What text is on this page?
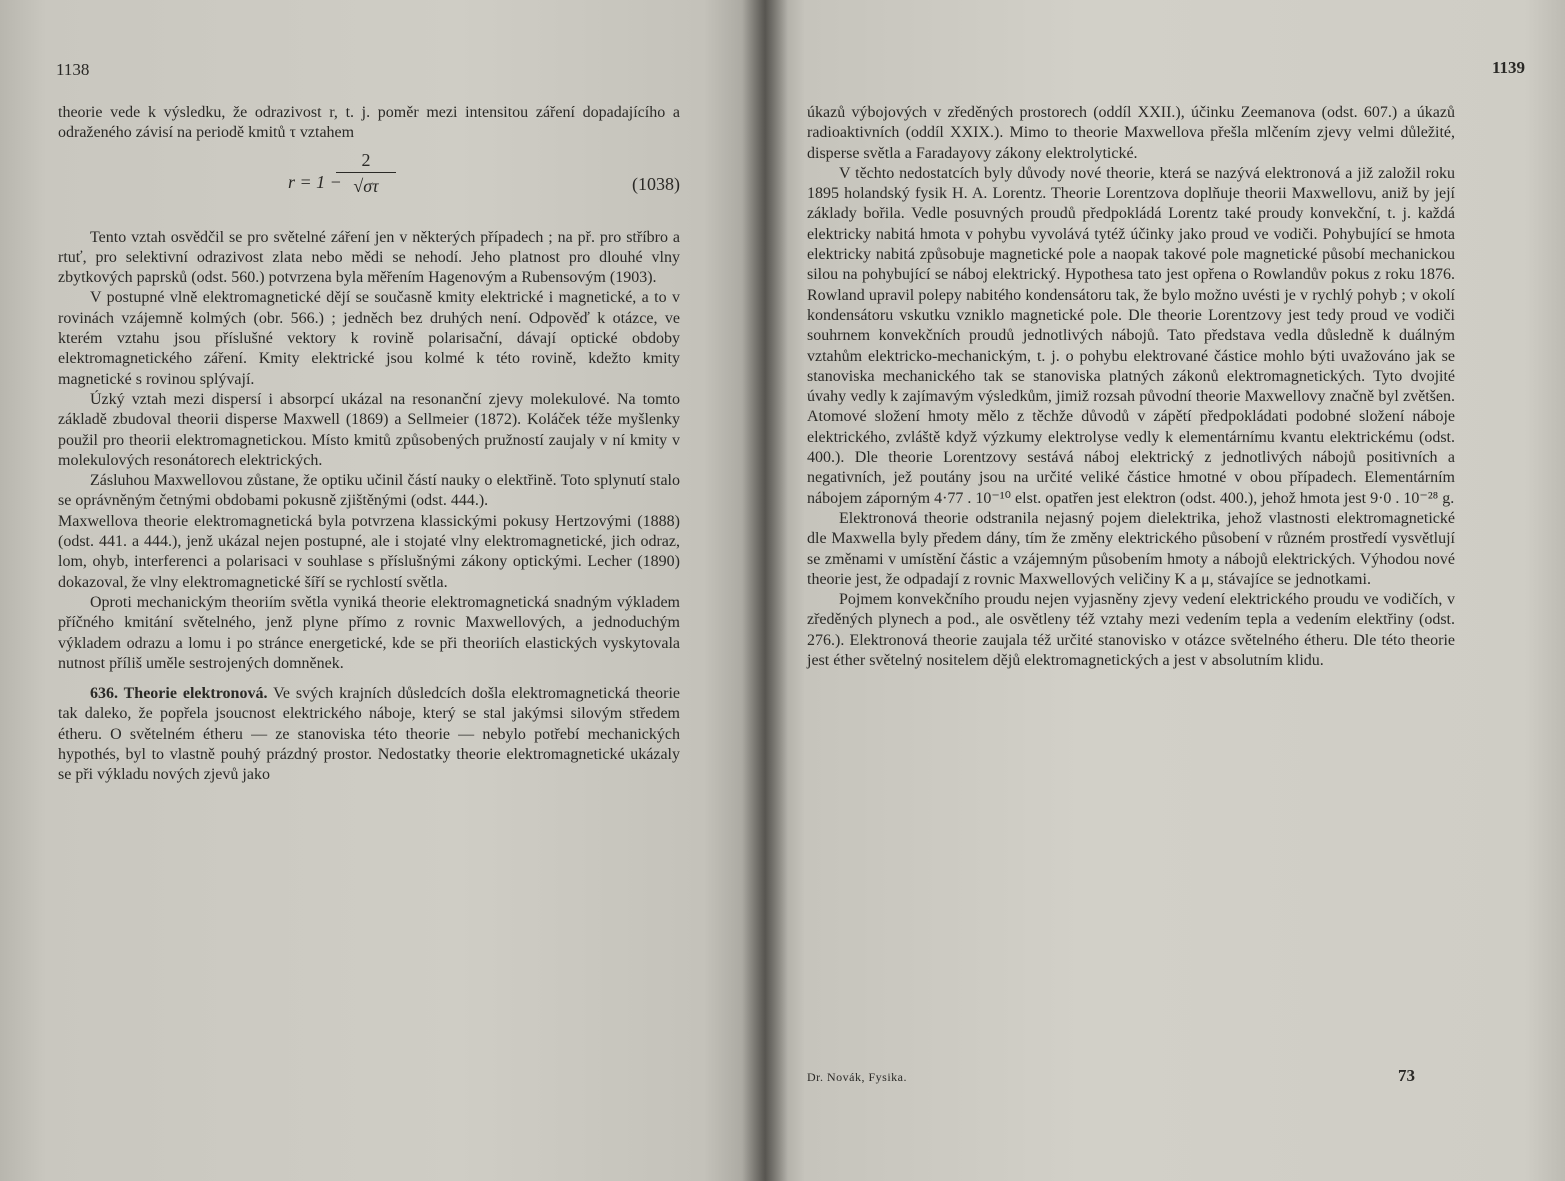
1138

theorie vede k výsledku, že odrazivost r, t. j. poměr mezi intensitou záření dopadajícího a odraženého závisí na periodě kmitů τ vztahem

r = 1 −
$\frac{2}{√\sigma\tau}$	(1038)

Tento vztah osvědčil se pro světelné záření jen v některých případech ; na př. pro stříbro a rtuť, pro selektivní odrazivost zlata nebo mědi se nehodí. Jeho platnost pro dlouhé vlny zbytkových paprsků (odst. 560.) potvrzena byla měřením Hagenovým a Rubensovým (1903).

V postupné vlně elektromagnetické dějí se současně kmity elektrické i magnetické, a to v rovinách vzájemně kolmých (obr. 566.) ; jedněch bez druhých není. Odpověď k otázce, ve kterém vztahu jsou příslušné vektory k rovině polarisační, dávají optické obdoby elektromagnetického záření. Kmity elektrické jsou kolmé k této rovině, kdežto kmity magnetické s rovinou splývají.

Úzký vztah mezi dispersí i absorpcí ukázal na resonanční zjevy molekulové. Na tomto základě zbudoval theorii disperse Maxwell (1869) a Sellmeier (1872). Koláček téže myšlenky použil pro theorii elektromagnetickou. Místo kmitů způsobených pružností zaujaly v ní kmity v molekulových resonátorech elektrických.

Zásluhou Maxwellovou zůstane, že optiku učinil částí nauky o elektřině. Toto splynutí stalo se oprávněným četnými obdobami pokusně zjištěnými (odst. 444.).

Maxwellova theorie elektromagnetická byla potvrzena klassickými pokusy Hertzovými (1888) (odst. 441. a 444.), jenž ukázal nejen postupné, ale i stojaté vlny elektromagnetické, jich odraz, lom, ohyb, interferenci a polarisaci v souhlase s příslušnými zákony optickými. Lecher (1890) dokazoval, že vlny elektromagnetické šíří se rychlostí světla.

Oproti mechanickým theoriím světla vyniká theorie elektromagnetická snadným výkladem příčného kmitání světelného, jenž plyne přímo z rovnic Maxwellových, a jednoduchým výkladem odrazu a lomu i po stránce energetické, kde se při theoriích elastických vyskytovala nutnost příliš uměle sestrojených domněnek.

636. Theorie elektronová. Ve svých krajních důsledcích došla elektromagnetická theorie tak daleko, že popřela jsoucnost elektrického náboje, který se stal jakýmsi silovým středem étheru. O světelném étheru — ze stanoviska této theorie — nebylo potřebí mechanických hypothés, byl to vlastně pouhý prázdný prostor. Nedostatky theorie elektromagnetické ukázaly se při výkladu nových zjevů jako

1139

úkazů výbojových v zředěných prostorech (oddíl XXII.), účinku Zeemanova (odst. 607.) a úkazů radioaktivních (oddíl XXIX.). Mimo to theorie Maxwellova přešla mlčením zjevy velmi důležité, disperse světla a Faradayovy zákony elektrolytické.

V těchto nedostatcích byly důvody nové theorie, která se nazývá elektronová a již založil roku 1895 holandský fysik H. A. Lorentz. Theorie Lorentzova doplňuje theorii Maxwellovu, aniž by její základy bořila. Vedle posuvných proudů předpokládá Lorentz také proudy konvekční, t. j. každá elektricky nabitá hmota v pohybu vyvolává tytéž účinky jako proud ve vodiči. Pohybující se hmota elektricky nabitá způsobuje magnetické pole a naopak takové pole magnetické působí mechanickou silou na pohybující se náboj elektrický. Hypothesa tato jest opřena o Rowlandův pokus z roku 1876. Rowland upravil polepy nabitého kondensátoru tak, že bylo možno uvésti je v rychlý pohyb ; v okolí kondensátoru vskutku vzniklo magnetické pole. Dle theorie Lorentzovy jest tedy proud ve vodiči souhrnem konvekčních proudů jednotlivých nábojů. Tato představa vedla důsledně k duálným vztahům elektricko-mechanickým, t. j. o pohybu elektrované částice mohlo býti uvažováno jak se stanoviska mechanického tak se stanoviska platných zákonů elektromagnetických. Tyto dvojité úvahy vedly k zajímavým výsledkům, jimiž rozsah původní theorie Maxwellovy značně byl zvětšen. Atomové složení hmoty mělo z těchže důvodů v zápětí předpokládati podobné složení náboje elektrického, zvláště když výzkumy elektrolyse vedly k elementárnímu kvantu elektrickému (odst. 400.). Dle theorie Lorentzovy sestává náboj elektrický z jednotlivých nábojů positivních a negativních, jež poutány jsou na určité veliké částice hmotné v obou případech. Elementárním nábojem záporným 4·77 . 10⁻¹⁰ elst. opatřen jest elektron (odst. 400.), jehož hmota jest 9·0 . 10⁻²⁸ g.

Elektronová theorie odstranila nejasný pojem dielektrika, jehož vlastnosti elektromagnetické dle Maxwella byly předem dány, tím že změny elektrického působení v různém prostředí vysvětlují se změnami v umístění částic a vzájemným působením hmoty a nábojů elektrických. Výhodou nové theorie jest, že odpadají z rovnic Maxwellových veličiny K a μ, stávajíce se jednotkami.

Pojmem konvekčního proudu nejen vyjasněny zjevy vedení elektrického proudu ve vodičích, v zředěných plynech a pod., ale osvětleny též vztahy mezi vedením tepla a vedením elektřiny (odst. 276.). Elektronová theorie zaujala též určité stanovisko v otázce světelného étheru. Dle této theorie jest éther světelný nositelem dějů elektromagnetických a jest v absolutním klidu.

Dr. Novák, Fysika.	73
